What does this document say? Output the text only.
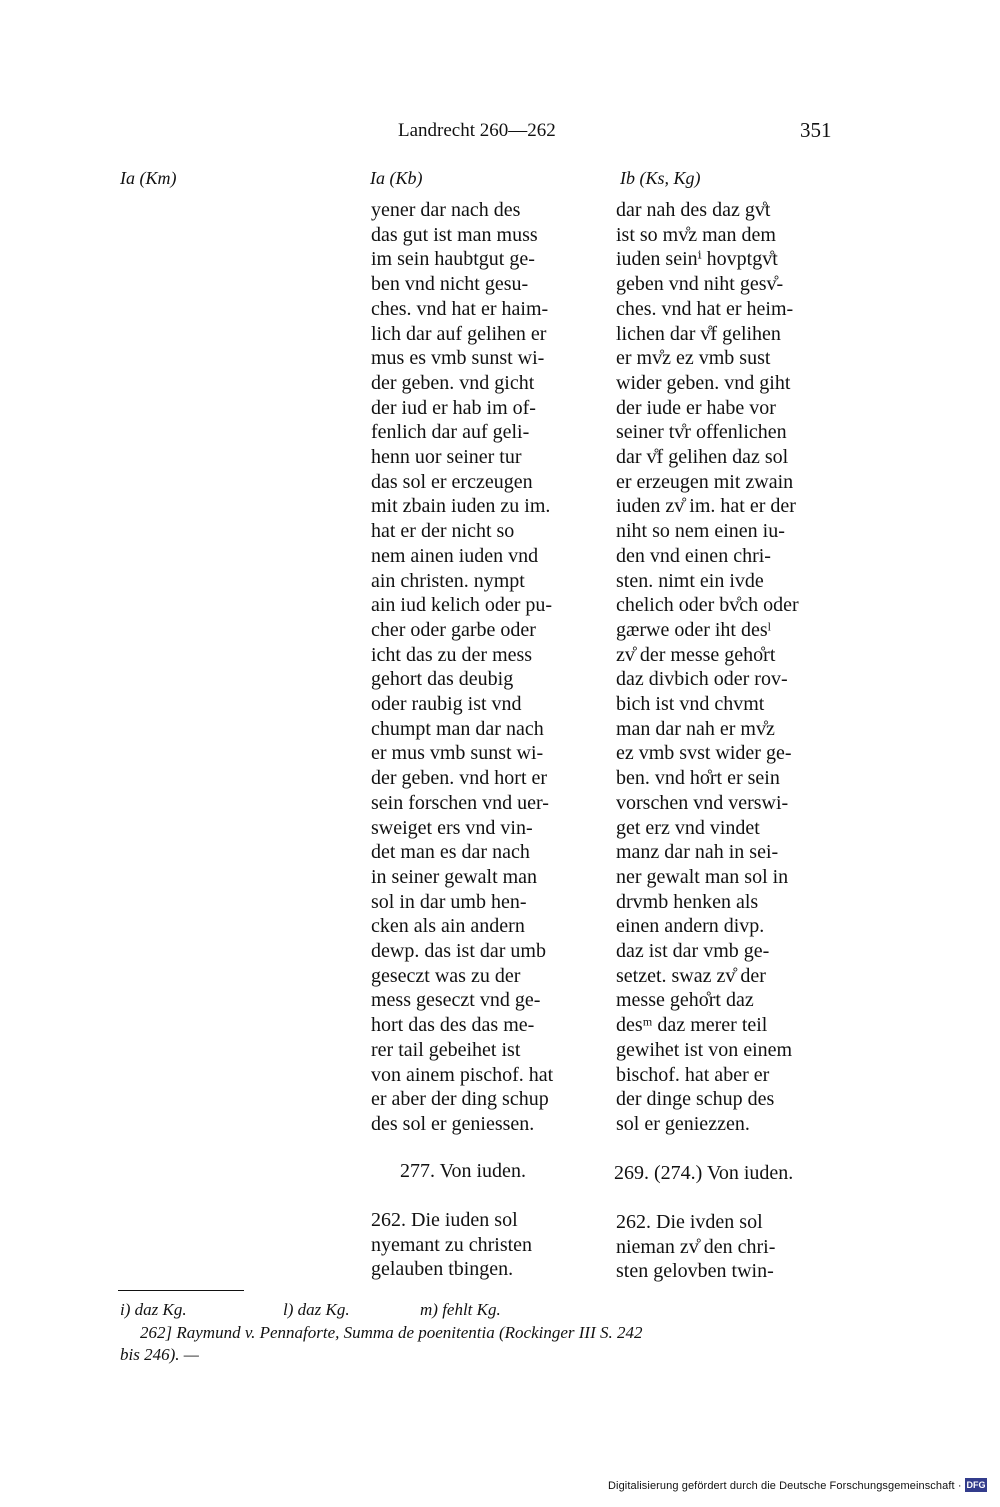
Landrecht 260—262	351
Ia (Km)	Ia (Kb)	Ib (Ks, Kg)
yener dar nach des
das gut ist man muss
im sein haubtgut ge-
ben vnd nicht gesu-
ches. vnd hat er haim-
lich dar auf gelihen er
mus es vmb sunst wi-
der geben. vnd gicht
der iud er hab im of-
fenlich dar auf geli-
henn uor seiner tur
das sol er erczeugen
mit zbain iuden zu im.
hat er der nicht so
nem ainen iuden vnd
ain christen. nympt
ain iud kelich oder pu-
cher oder garbe oder
icht das zu der mess
gehort das deubig
oder raubig ist vnd
chumpt man dar nach
er mus vmb sunst wi-
der geben. vnd hort er
sein forschen vnd uer-
sweiget ers vnd vin-
det man es dar nach
in seiner gewalt man
sol in dar umb hen-
cken als ain andern
dewp. das ist dar umb
geseczt was zu der
mess geseczt vnd ge-
hort das des das me-
rer tail gebeihet ist
von ainem pischof. hat
er aber der ding schup
des sol er geniessen.
dar nah des daz gv̊t
ist so mv̊z man dem
iuden seinⁱ hovptgv̊t
geben vnd niht gesv̊-
ches. vnd hat er heim-
lichen dar v̊f gelihen
er mv̊z ez vmb sust
wider geben. vnd giht
der iude er habe vor
seiner tv̊r offenlichen
dar v̊f gelihen daz sol
er erzeugen mit zwain
iuden zv̊ im. hat er der
niht so nem einen iu-
den vnd einen chri-
sten. nimt ein ivde
chelich oder bv̊ch oder
gærwe oder iht desˡ
zv̊ der messe geho̊rt
daz divbich oder rov-
bich ist vnd chvmt
man dar nah er mv̊z
ez vmb svst wider ge-
ben. vnd ho̊rt er sein
vorschen vnd verswi-
get erz vnd vindet
manz dar nah in sei-
ner gewalt man sol in
drvmb henken als
einen andern divp.
daz ist dar vmb ge-
setzet. swaz zv̊ der
messe geho̊rt daz
desᵐ daz merer teil
gewihet ist von einem
bischof. hat aber er
der dinge schup des
sol er geniezzen.
277. Von iuden.	269. (274.) Von iuden.
262. Die iuden sol
nyemant zu christen
gelauben tbingen.
262. Die ivden sol
nieman zv̊ den chri-
sten gelovben twin-
i) daz Kg.	l) daz Kg.	m) fehlt Kg.
262] Raymund v. Pennaforte, Summa de poenitentia (Rockinger III S. 242
bis 246). —
Digitalisierung gefördert durch die Deutsche Forschungsgemeinschaft · DFG
